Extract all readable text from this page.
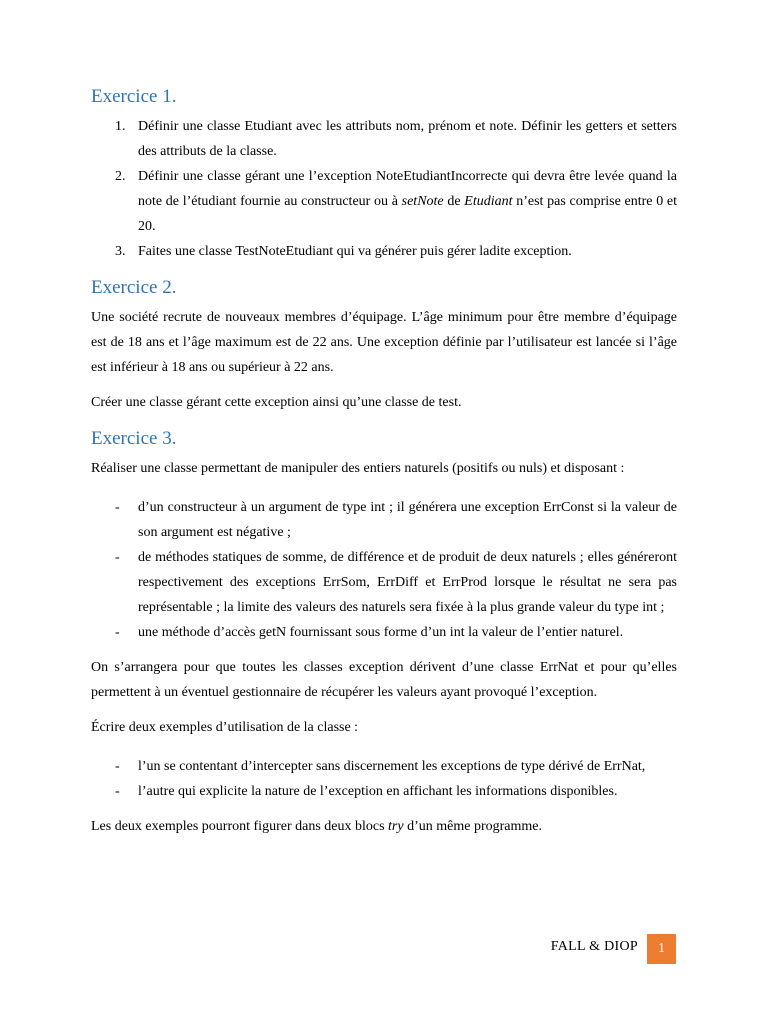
Exercice 1.
1. Définir une classe Etudiant avec les attributs nom, prénom et note. Définir les getters et setters des attributs de la classe.
2. Définir une classe gérant une l’exception NoteEtudiantIncorrecte qui devra être levée quand la note de l’étudiant fournie au constructeur ou à setNote de Etudiant n’est pas comprise entre 0 et 20.
3. Faites une classe TestNoteEtudiant qui va générer puis gérer ladite exception.
Exercice 2.

Une société recrute de nouveaux membres d’équipage. L’âge minimum pour être membre d’équipage est de 18 ans et l’âge maximum est de 22 ans. Une exception définie par l’utilisateur est lancée si l’âge est inférieur à 18 ans ou supérieur à 22 ans.

Créer une classe gérant cette exception ainsi qu’une classe de test.

Exercice 3.

Réaliser une classe permettant de manipuler des entiers naturels (positifs ou nuls) et disposant :

- d’un constructeur à un argument de type int ; il générera une exception ErrConst si la valeur de son argument est négative ;
- de méthodes statiques de somme, de différence et de produit de deux naturels ; elles généreront respectivement des exceptions ErrSom, ErrDiff et ErrProd lorsque le résultat ne sera pas représentable ; la limite des valeurs des naturels sera fixée à la plus grande valeur du type int ;
- une méthode d’accès getN fournissant sous forme d’un int la valeur de l’entier naturel.

On s’arrangera pour que toutes les classes exception dérivent d’une classe ErrNat et pour qu’elles permettent à un éventuel gestionnaire de récupérer les valeurs ayant provoqué l’exception.

Écrire deux exemples d’utilisation de la classe :

- l’un se contentant d’intercepter sans discernement les exceptions de type dérivé de ErrNat,
- l’autre qui explicite la nature de l’exception en affichant les informations disponibles.

Les deux exemples pourront figurer dans deux blocs try d’un même programme.

FALL & DIOP	1
